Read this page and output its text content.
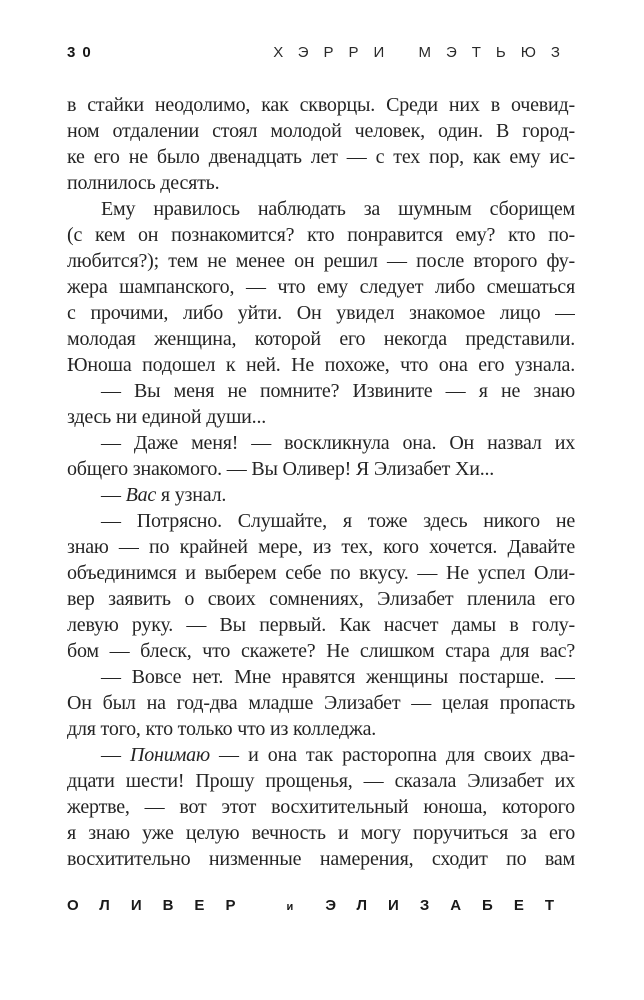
30	ХЭРРИ МЭТЬЮЗ
в стайки неодолимо, как скворцы. Среди них в очевид-
ном отдалении стоял молодой человек, один. В город-
ке его не было двенадцать лет — с тех пор, как ему ис-
полнилось десять.
Ему нравилось наблюдать за шумным сборищем
(с кем он познакомится? кто понравится ему? кто по-
любится?); тем не менее он решил — после второго фу-
жера шампанского, — что ему следует либо смешаться
с прочими, либо уйти. Он увидел знакомое лицо —
молодая женщина, которой его некогда представили.
Юноша подошел к ней. Не похоже, что она его узнала.
— Вы меня не помните? Извините — я не знаю
здесь ни единой души...
— Даже меня! — воскликнула она. Он назвал их
общего знакомого. — Вы Оливер! Я Элизабет Хи...
— Вас я узнал.
— Потрясно. Слушайте, я тоже здесь никого не
знаю — по крайней мере, из тех, кого хочется. Давайте
объединимся и выберем себе по вкусу. — Не успел Оли-
вер заявить о своих сомнениях, Элизабет пленила его
левую руку. — Вы первый. Как насчет дамы в голу-
бом — блеск, что скажете? Не слишком стара для вас?
— Вовсе нет. Мне нравятся женщины постарше. —
Он был на год-два младше Элизабет — целая пропасть
для того, кто только что из колледжа.
— Понимаю — и она так расторопна для своих два-
дцати шести! Прошу прощенья, — сказала Элизабет их
жертве, — вот этот восхитительный юноша, которого
я знаю уже целую вечность и могу поручиться за его
восхитительно низменные намерения, сходит по вам
ОЛИВЕР	и ЭЛИЗАБЕТ
